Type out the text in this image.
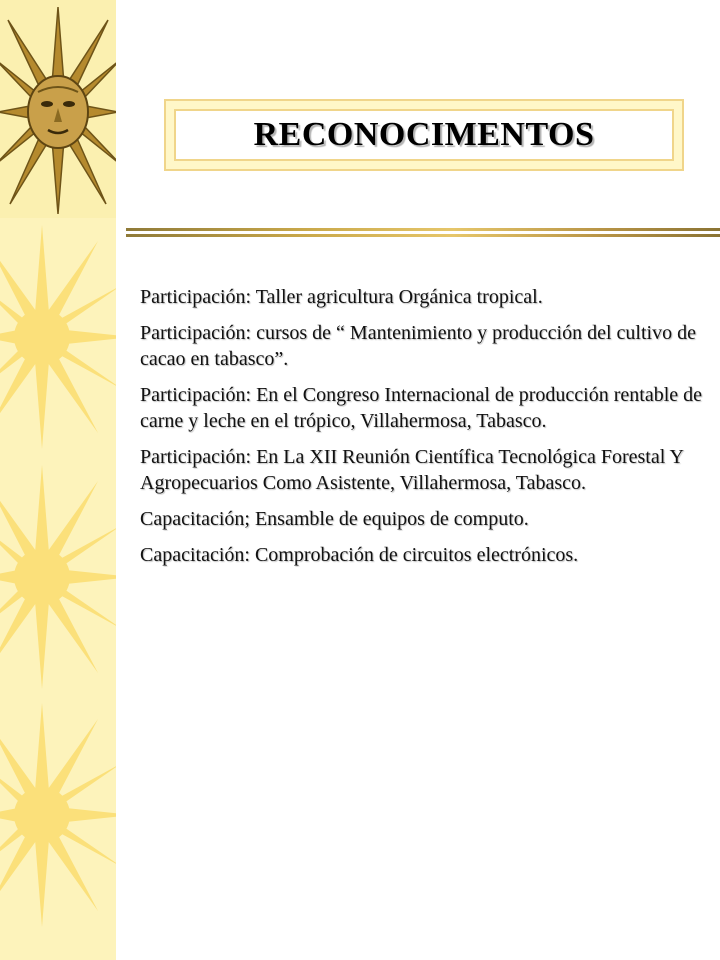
RECONOCIMENTOS
Participación: Taller agricultura Orgánica tropical.
Participación: cursos de “ Mantenimiento y producción del cultivo de cacao en tabasco”.
Participación: En el Congreso Internacional de producción rentable de carne y leche en el trópico, Villahermosa, Tabasco.
Participación: En La XII Reunión Científica Tecnológica Forestal Y Agropecuarios Como Asistente, Villahermosa, Tabasco.
Capacitación; Ensamble de equipos de computo.
Capacitación: Comprobación de circuitos electrónicos.
